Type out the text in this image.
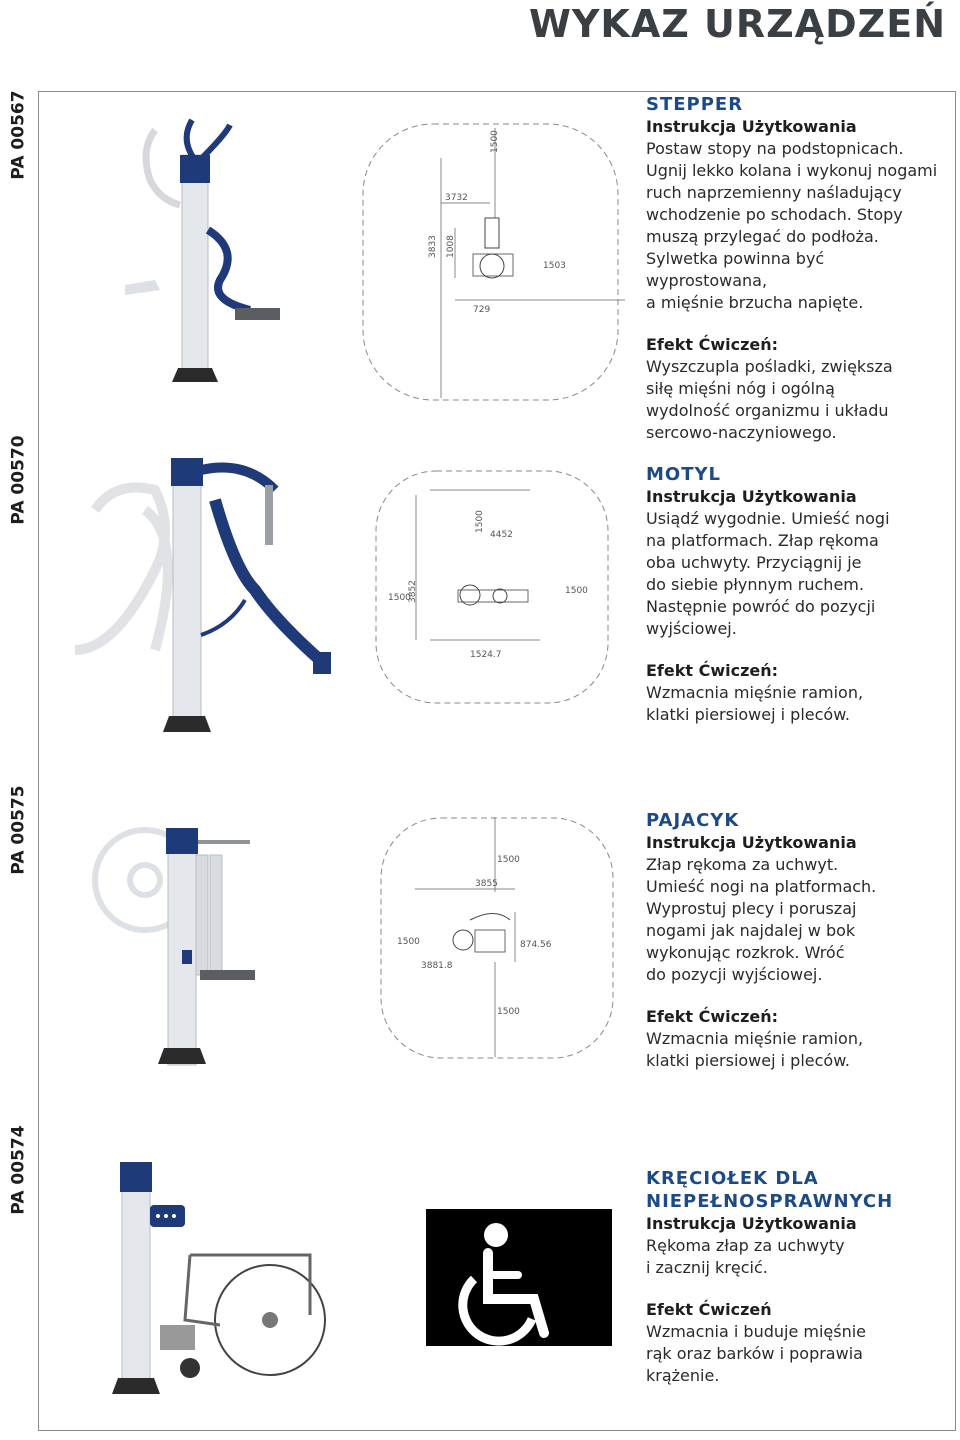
WYKAZ URZĄDZEŃ
PA 00567
PA 00570
PA 00575
PA 00574
3732
1500
3833 1008
1503
729
STEPPER

Instrukcja Użytkowania

Postaw stopy na podstopnicach.

Ugnij lekko kolana i wykonuj nogami

ruch naprzemienny naśladujący

wchodzenie po schodach. Stopy

muszą przylegać do podłoża.

Sylwetka powinna być wyprostowana,

a mięśnie brzucha napięte.

Efekt Ćwiczeń:

Wyszczupla pośladki, zwiększa

siłę mięśni nóg i ogólną

wydolność organizmu i układu

sercowo-naczyniowego.

1500
4452
1500
3852	1500
1524.7
MOTYL

Instrukcja Użytkowania

Usiądź wygodnie. Umieść nogi

na platformach. Złap rękoma

oba uchwyty. Przyciągnij je

do siebie płynnym ruchem.

Następnie powróć do pozycji

wyjściowej.

Efekt Ćwiczeń:

Wzmacnia mięśnie ramion,

klatki piersiowej i pleców.

1500
3855
1500
3881.8
874.56
1500
PAJACYK

Instrukcja Użytkowania

Złap rękoma za uchwyt.

Umieść nogi na platformach.

Wyprostuj plecy i poruszaj

nogami jak najdalej w bok

wykonując rozkrok. Wróć

do pozycji wyjściowej.

Efekt Ćwiczeń:

Wzmacnia mięśnie ramion,

klatki piersiowej i pleców.

KRĘCIOŁEK DLA
NIEPEŁNOSPRAWNYCH

Instrukcja Użytkowania

Rękoma złap za uchwyty

i zacznij kręcić.

Efekt Ćwiczeń

Wzmacnia i buduje mięśnie

rąk oraz barków i poprawia

krążenie.
